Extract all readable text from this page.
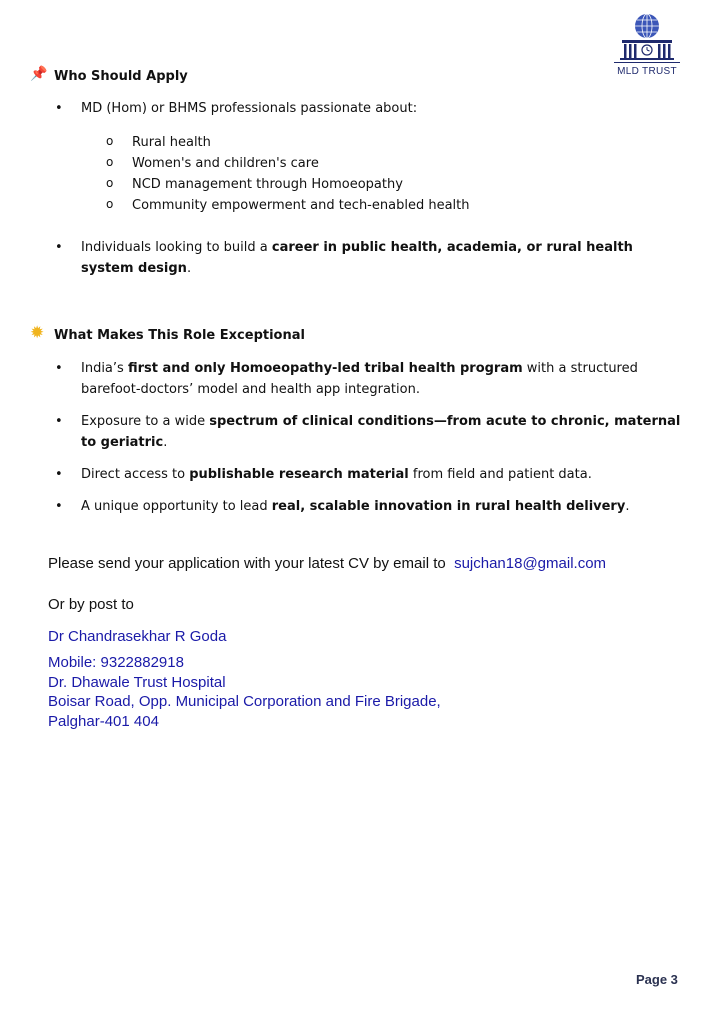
MLD TRUST
📌
Who Should Apply
• MD (Hom) or BHMS professionals passionate about:
o Rural health
o Women's and children's care
o NCD management through Homoeopathy
o Community empowerment and tech-enabled health
• Individuals looking to build a career in public health, academia, or rural health system design.
✹
What Makes This Role Exceptional
• India’s first and only Homoeopathy-led tribal health program with a structured barefoot-doctors’ model and health app integration.
• Exposure to a wide spectrum of clinical conditions—from acute to chronic, maternal to geriatric.
• Direct access to publishable research material from field and patient data.
• A unique opportunity to lead real, scalable innovation in rural health delivery.
Please send your application with your latest CV by email to sujchan18@gmail.com
Or by post to
Dr Chandrasekhar R Goda
Mobile: 9322882918
Dr. Dhawale Trust Hospital
Boisar Road, Opp. Municipal Corporation and Fire Brigade,
Palghar-401 404
Page 3
